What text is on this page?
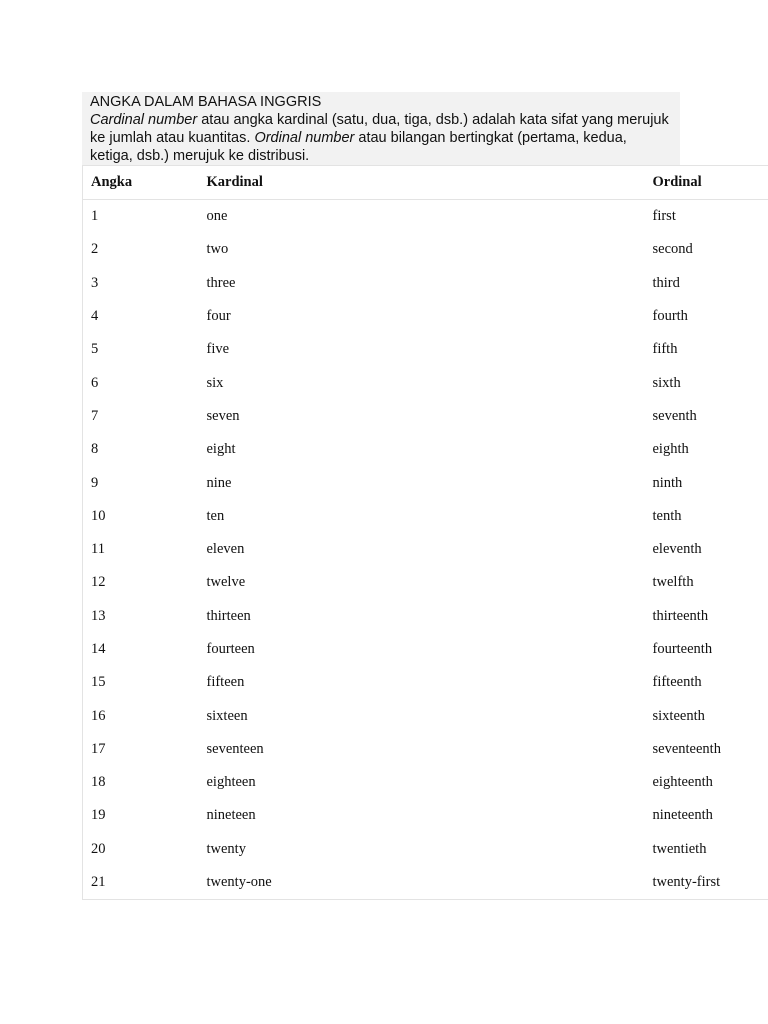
ANGKA DALAM BAHASA INGGRIS

Cardinal number atau angka kardinal (satu, dua, tiga, dsb.) adalah kata sifat yang merujuk ke jumlah atau kuantitas. Ordinal number atau bilangan bertingkat (pertama, kedua, ketiga, dsb.) merujuk ke distribusi.

Angka	Kardinal	Ordinal
1	one	first
2	two	second
3	three	third
4	four	fourth
5	five	fifth
6	six	sixth
7	seven	seventh
8	eight	eighth
9	nine	ninth
10	ten	tenth
11	eleven	eleventh
12	twelve	twelfth
13	thirteen	thirteenth
14	fourteen	fourteenth
15	fifteen	fifteenth
16	sixteen	sixteenth
17	seventeen	seventeenth
18	eighteen	eighteenth
19	nineteen	nineteenth
20	twenty	twentieth
21	twenty-one	twenty-first
